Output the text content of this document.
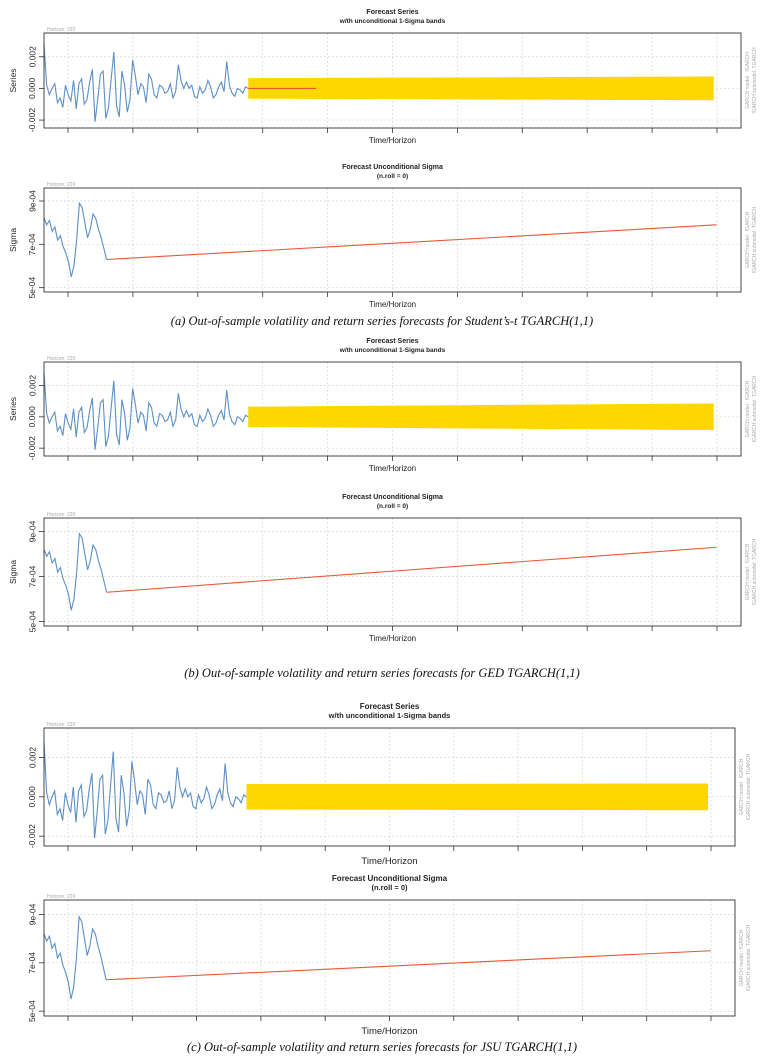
-0.002
0.000
0.002
Forecast Series
w/th unconditional 1-Sigma bands
Horizon: 220
Time/Horizon
Series	GARCH model : fGARCH fGARCH submodel: TGARCH
5e-04
7e-04
9e-04
Forecast Unconditional Sigma
(n.roll = 0)
Horizon: 220
Time/Horizon
Sigma	GARCH model : fGARCH fGARCH submodel: TGARCH
-0.002
0.000
0.002
Forecast Series
w/th unconditional 1-Sigma bands
Horizon: 220
Time/Horizon
Series	GARCH model : fGARCH fGARCH submodel: TGARCH
5e-04
7e-04
9e-04
Forecast Unconditional Sigma
(n.roll = 0)
Horizon: 220
Time/Horizon
Sigma	GARCH model : fGARCH fGARCH submodel: TGARCH
-0.002
0.000
0.002
Forecast Series
w/th unconditional 1-Sigma bands
Horizon: 220
Time/Horizon
GARCH model : fGARCH fGARCH submodel: TGARCH
5e-04
7e-04
9e-04
Forecast Unconditional Sigma
(n.roll = 0)
Horizon: 220
Time/Horizon
GARCH model : fGARCH fGARCH submodel: TGARCH
(a) Out-of-sample volatility and return series forecasts for Student’s-t TGARCH(1,1)
(b) Out-of-sample volatility and return series forecasts for GED TGARCH(1,1)
(c) Out-of-sample volatility and return series forecasts for JSU TGARCH(1,1)
